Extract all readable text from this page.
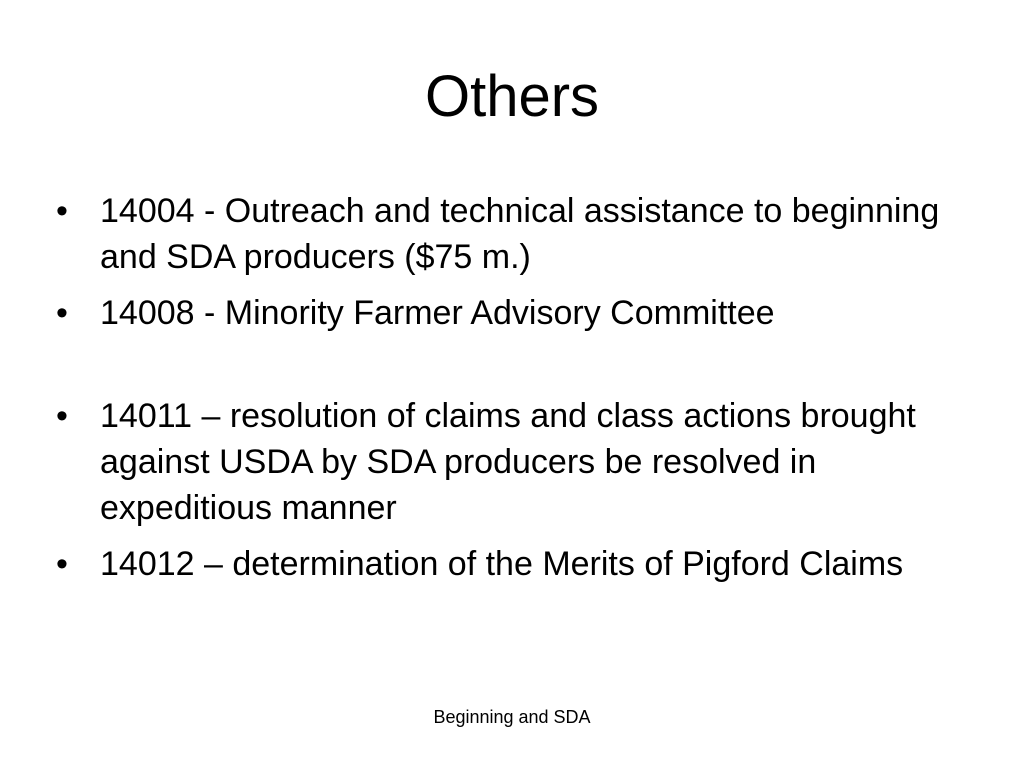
Others
• 14004 - Outreach and technical assistance to beginning and SDA producers ($75 m.)
• 14008 - Minority Farmer Advisory Committee
• 14011 – resolution of claims and class actions brought against USDA by SDA producers be resolved in expeditious manner
• 14012 – determination of the Merits of Pigford Claims
Beginning and SDA
